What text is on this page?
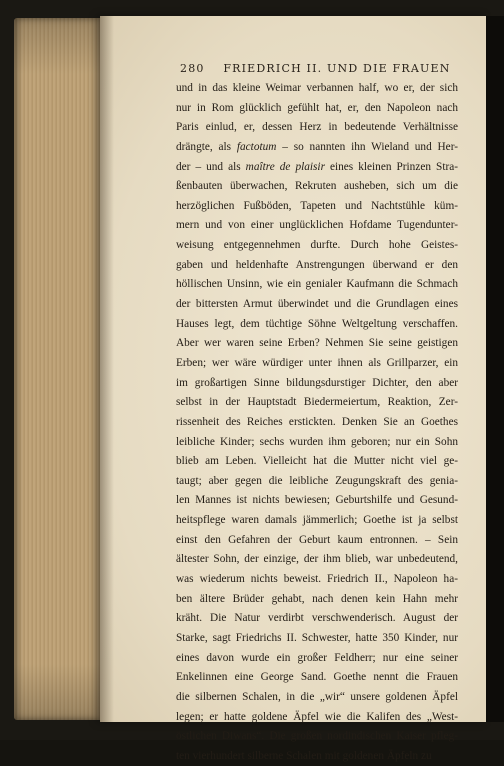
280 FRIEDRICH II. UND DIE FRAUEN
und in das kleine Weimar verbannen half, wo er, der sich
nur in Rom glücklich gefühlt hat, er, den Napoleon nach
Paris einlud, er, dessen Herz in bedeutende Verhältnisse
drängte, als factotum – so nannten ihn Wieland und Her-
der – und als maître de plaisir eines kleinen Prinzen Stra-
ßenbauten überwachen, Rekruten ausheben, sich um die
herzöglichen Fußböden, Tapeten und Nachtstühle küm-
mern und von einer unglücklichen Hofdame Tugendunter-
weisung entgegennehmen durfte. Durch hohe Geistes-
gaben und heldenhafte Anstrengungen überwand er den
höllischen Unsinn, wie ein genialer Kaufmann die Schmach
der bittersten Armut überwindet und die Grundlagen eines
Hauses legt, dem tüchtige Söhne Weltgeltung verschaffen.
Aber wer waren seine Erben? Nehmen Sie seine geistigen
Erben; wer wäre würdiger unter ihnen als Grillparzer, ein
im großartigen Sinne bildungsdurstiger Dichter, den aber
selbst in der Hauptstadt Biedermeiertum, Reaktion, Zer-
rissenheit des Reiches erstickten. Denken Sie an Goethes
leibliche Kinder; sechs wurden ihm geboren; nur ein Sohn
blieb am Leben. Vielleicht hat die Mutter nicht viel ge-
taugt; aber gegen die leibliche Zeugungskraft des genia-
len Mannes ist nichts bewiesen; Geburtshilfe und Gesund-
heitspflege waren damals jämmerlich; Goethe ist ja selbst
einst den Gefahren der Geburt kaum entronnen. – Sein
ältester Sohn, der einzige, der ihm blieb, war unbedeutend,
was wiederum nichts beweist. Friedrich II., Napoleon ha-
ben ältere Brüder gehabt, nach denen kein Hahn mehr
kräht. Die Natur verdirbt verschwenderisch. August der
Starke, sagt Friedrichs II. Schwester, hatte 350 Kinder, nur
eines davon wurde ein großer Feldherr; nur eine seiner
Enkelinnen eine George Sand. Goethe nennt die Frauen
die silbernen Schalen, in die „wir“ unsere goldenen Äpfel
legen; er hatte goldene Äpfel wie die Kalifen des „West-
östlichen Diwans“. Die großen nordindischen Kaiser pfleg-
ten vierhundert silberne Schalen mit goldenen Äpfeln zu
